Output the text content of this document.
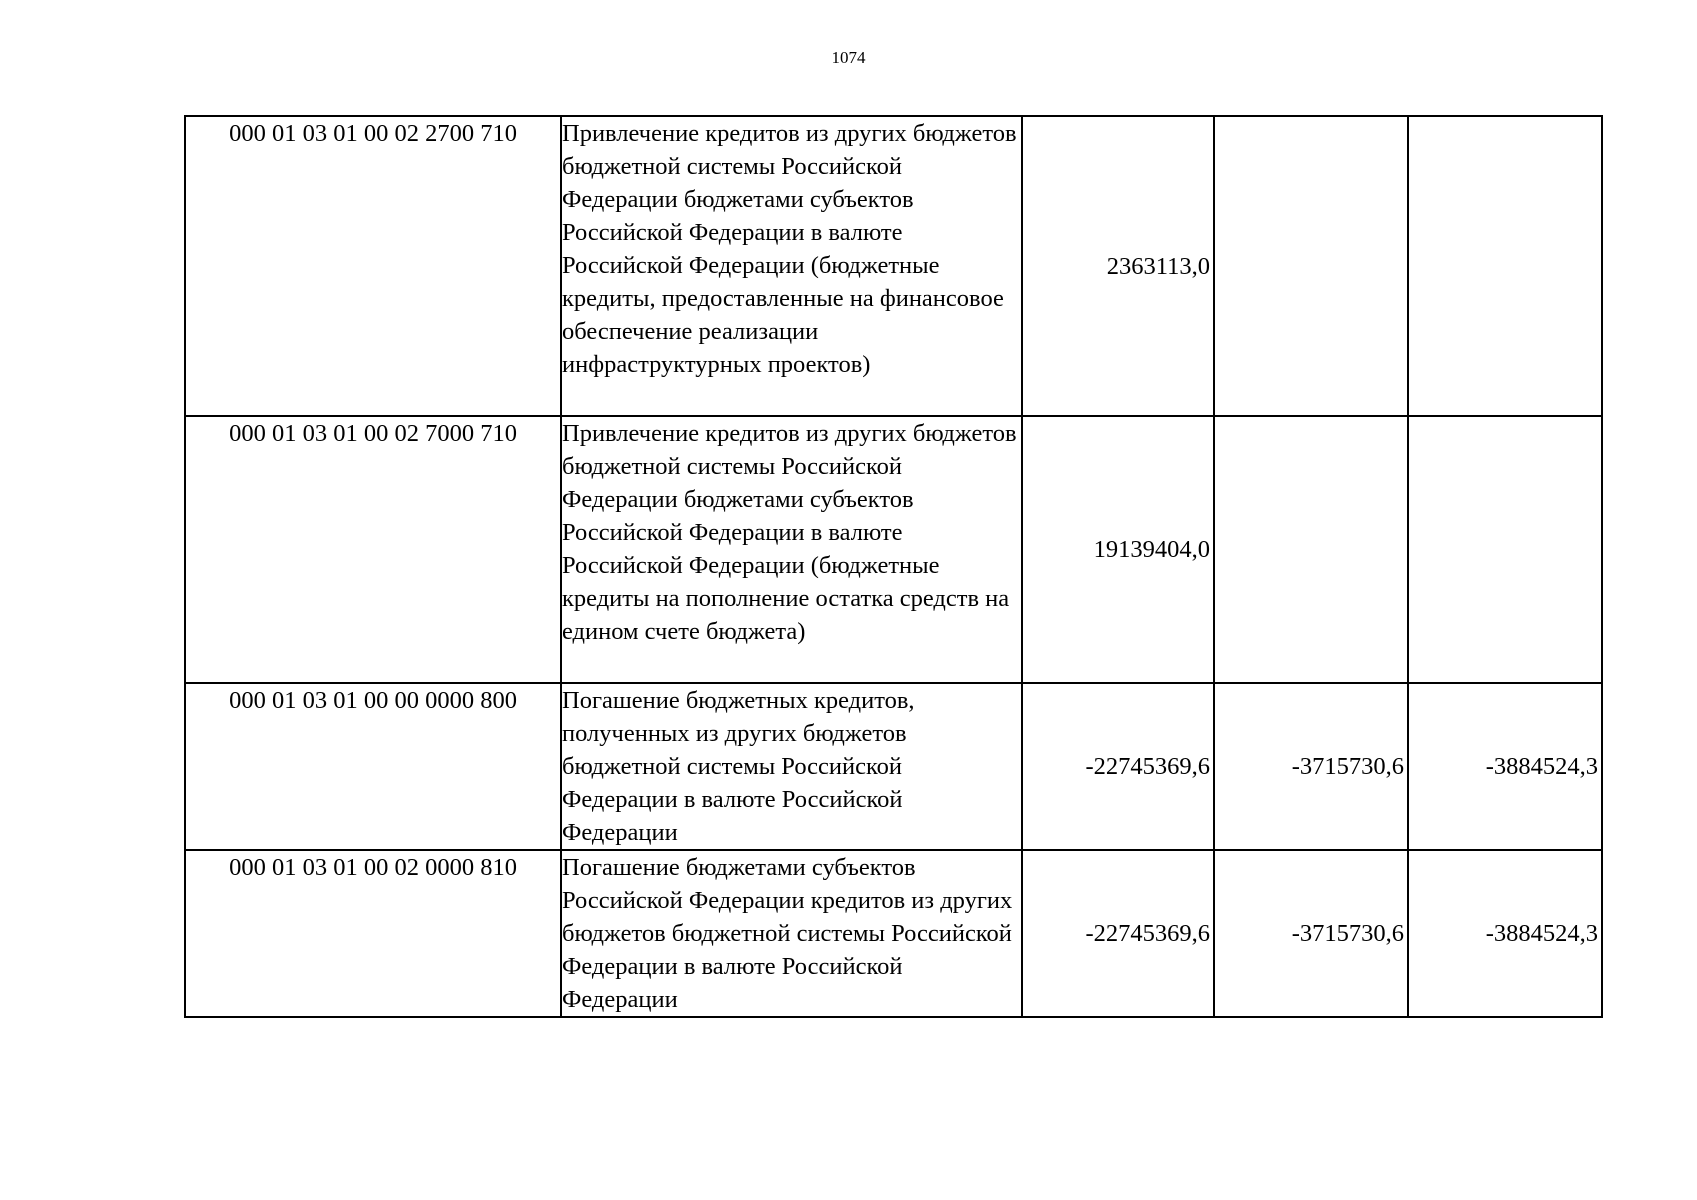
1074
000 01 03 01 00 02 2700 710	Привлечение кредитов из других бюджетов бюджетной системы Российской Федерации бюджетами субъектов Российской Федерации в валюте Российской Федерации (бюджетные кредиты, предоставленные на финансовое обеспечение реализации инфраструктурных проектов)	2363113,0		
000 01 03 01 00 02 7000 710	Привлечение кредитов из других бюджетов бюджетной системы Российской Федерации бюджетами субъектов Российской Федерации в валюте Российской Федерации (бюджетные кредиты на пополнение остатка средств на едином счете бюджета)	19139404,0		
000 01 03 01 00 00 0000 800	Погашение бюджетных кредитов, полученных из других бюджетов бюджетной системы Российской Федерации в валюте Российской Федерации	-22745369,6	-3715730,6	-3884524,3
000 01 03 01 00 02 0000 810	Погашение бюджетами субъектов Российской Федерации кредитов из других бюджетов бюджетной системы Российской Федерации в валюте Российской Федерации	-22745369,6	-3715730,6	-3884524,3
